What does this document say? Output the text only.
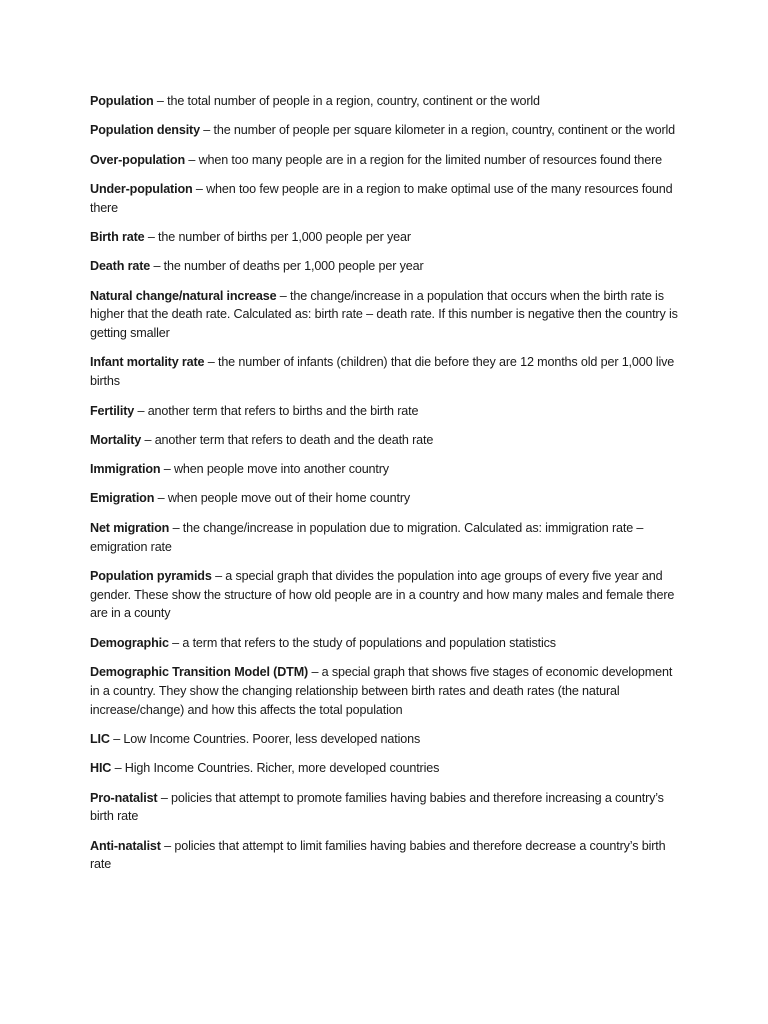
Population – the total number of people in a region, country, continent or the world

Population density – the number of people per square kilometer in a region, country, continent or the world

Over-population – when too many people are in a region for the limited number of resources found there

Under-population – when too few people are in a region to make optimal use of the many resources found there

Birth rate – the number of births per 1,000 people per year

Death rate – the number of deaths per 1,000 people per year

Natural change/natural increase – the change/increase in a population that occurs when the birth rate is higher that the death rate. Calculated as: birth rate – death rate. If this number is negative then the country is getting smaller

Infant mortality rate – the number of infants (children) that die before they are 12 months old per 1,000 live births

Fertility – another term that refers to births and the birth rate

Mortality – another term that refers to death and the death rate

Immigration – when people move into another country

Emigration – when people move out of their home country

Net migration – the change/increase in population due to migration. Calculated as: immigration rate – emigration rate

Population pyramids – a special graph that divides the population into age groups of every five year and gender. These show the structure of how old people are in a country and how many males and female there are in a county

Demographic – a term that refers to the study of populations and population statistics

Demographic Transition Model (DTM) – a special graph that shows five stages of economic development in a country. They show the changing relationship between birth rates and death rates (the natural increase/change) and how this affects the total population

LIC – Low Income Countries. Poorer, less developed nations

HIC – High Income Countries. Richer, more developed countries

Pro-natalist – policies that attempt to promote families having babies and therefore increasing a country’s birth rate

Anti-natalist – policies that attempt to limit families having babies and therefore decrease a country’s birth rate
